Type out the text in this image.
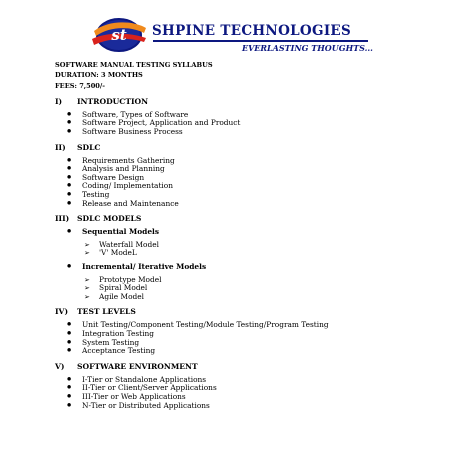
st SHPINE TECHNOLOGIES
EVERLASTING THOUGHTS...
SOFTWARE MANUAL TESTING SYLLABUS
DURATION: 3 MONTHS
FEES: 7,500/-
I) INTRODUCTION
● Software, Types of Software
● Software Project, Application and Product
● Software Business Process
II) SDLC
● Requirements Gathering
● Analysis and Planning
● Software Design
● Coding/ Implementation
● Testing
● Release and Maintenance
III) SDLC MODELS
● Sequential Models
➢ Waterfall Model
➢ 'V' ModeL
● Incremental/ Iterative Models
➢ Prototype Model
➢ Spiral Model
➢ Agile Model
IV) TEST LEVELS
● Unit Testing/Component Testing/Module Testing/Program Testing
● Integration Testing
● System Testing
● Acceptance Testing
V) SOFTWARE ENVIRONMENT
● I-Tier or Standalone Applications
● II-Tier or Client/Server Applications
● III-Tier or Web Applications
● N-Tier or Distributed Applications
